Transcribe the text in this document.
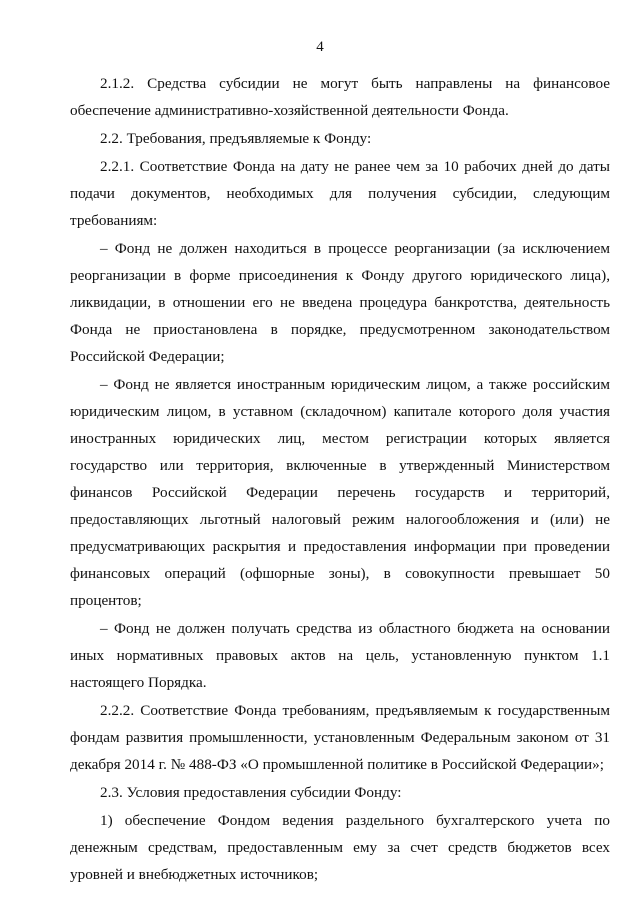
4

2.1.2. Средства субсидии не могут быть направлены на финансовое обеспечение административно-хозяйственной деятельности Фонда.

2.2. Требования, предъявляемые к Фонду:

2.2.1. Соответствие Фонда на дату не ранее чем за 10 рабочих дней до даты подачи документов, необходимых для получения субсидии, следующим требованиям:

– Фонд не должен находиться в процессе реорганизации (за исключением реорганизации в форме присоединения к Фонду другого юридического лица), ликвидации, в отношении его не введена процедура банкротства, деятельность Фонда не приостановлена в порядке, предусмотренном законодательством Российской Федерации;

– Фонд не является иностранным юридическим лицом, а также российским юридическим лицом, в уставном (складочном) капитале которого доля участия иностранных юридических лиц, местом регистрации которых является государство или территория, включенные в утвержденный Министерством финансов Российской Федерации перечень государств и территорий, предоставляющих льготный налоговый режим налогообложения и (или) не предусматривающих раскрытия и предоставления информации при проведении финансовых операций (офшорные зоны), в совокупности превышает 50 процентов;

– Фонд не должен получать средства из областного бюджета на основании иных нормативных правовых актов на цель, установленную пунктом 1.1 настоящего Порядка.

2.2.2. Соответствие Фонда требованиям, предъявляемым к государственным фондам развития промышленности, установленным Федеральным законом от 31 декабря 2014 г. № 488-ФЗ «О промышленной политике в Российской Федерации»;

2.3. Условия предоставления субсидии Фонду:

1) обеспечение Фондом ведения раздельного бухгалтерского учета по денежным средствам, предоставленным ему за счет средств бюджетов всех уровней и внебюджетных источников;
